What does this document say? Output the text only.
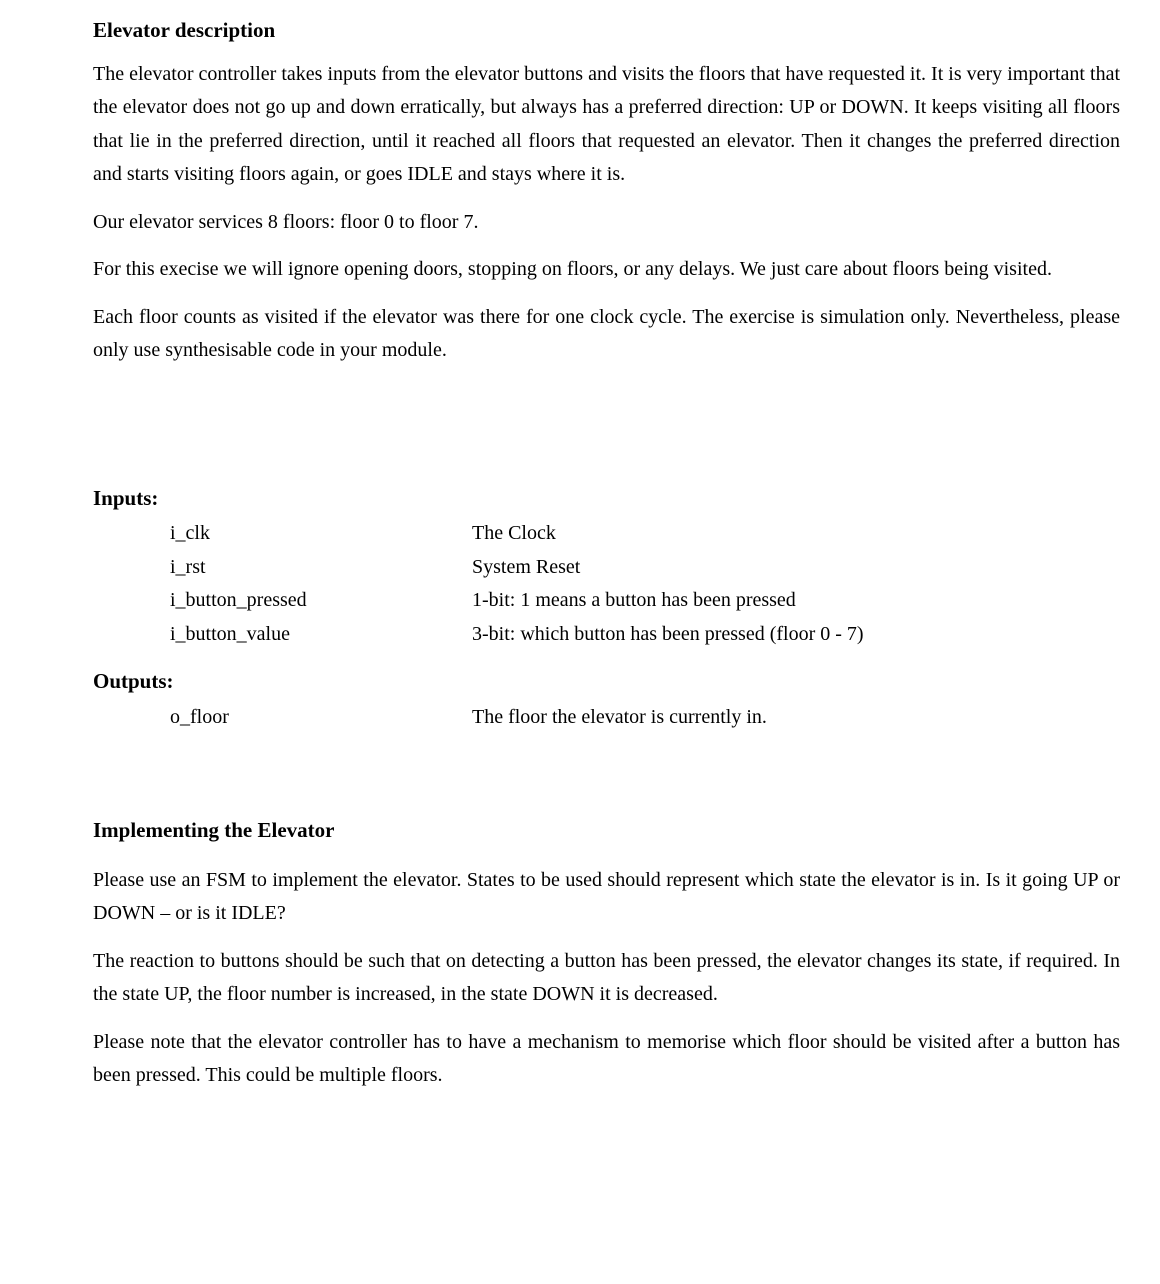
Elevator description

The elevator controller takes inputs from the elevator buttons and visits the floors that have requested it. It is very important that the elevator does not go up and down erratically, but always has a preferred direction: UP or DOWN. It keeps visiting all floors that lie in the preferred direction, until it reached all floors that requested an elevator. Then it changes the preferred direction and starts visiting floors again, or goes IDLE and stays where it is.

Our elevator services 8 floors: floor 0 to floor 7.

For this execise we will ignore opening doors, stopping on floors, or any delays. We just care about floors being visited.

Each floor counts as visited if the elevator was there for one clock cycle. The exercise is simulation only. Nevertheless, please only use synthesisable code in your module.

Inputs:
i_clk	The Clock
i_rst	System Reset
i_button_pressed	1-bit: 1 means a button has been pressed
i_button_value	3-bit: which button has been pressed (floor 0 - 7)
Outputs:
o_floor	The floor the elevator is currently in.
Implementing the Elevator

Please use an FSM to implement the elevator. States to be used should represent which state the elevator is in. Is it going UP or DOWN – or is it IDLE?

The reaction to buttons should be such that on detecting a button has been pressed, the elevator changes its state, if required. In the state UP, the floor number is increased, in the state DOWN it is decreased.

Please note that the elevator controller has to have a mechanism to memorise which floor should be visited after a button has been pressed. This could be multiple floors.
